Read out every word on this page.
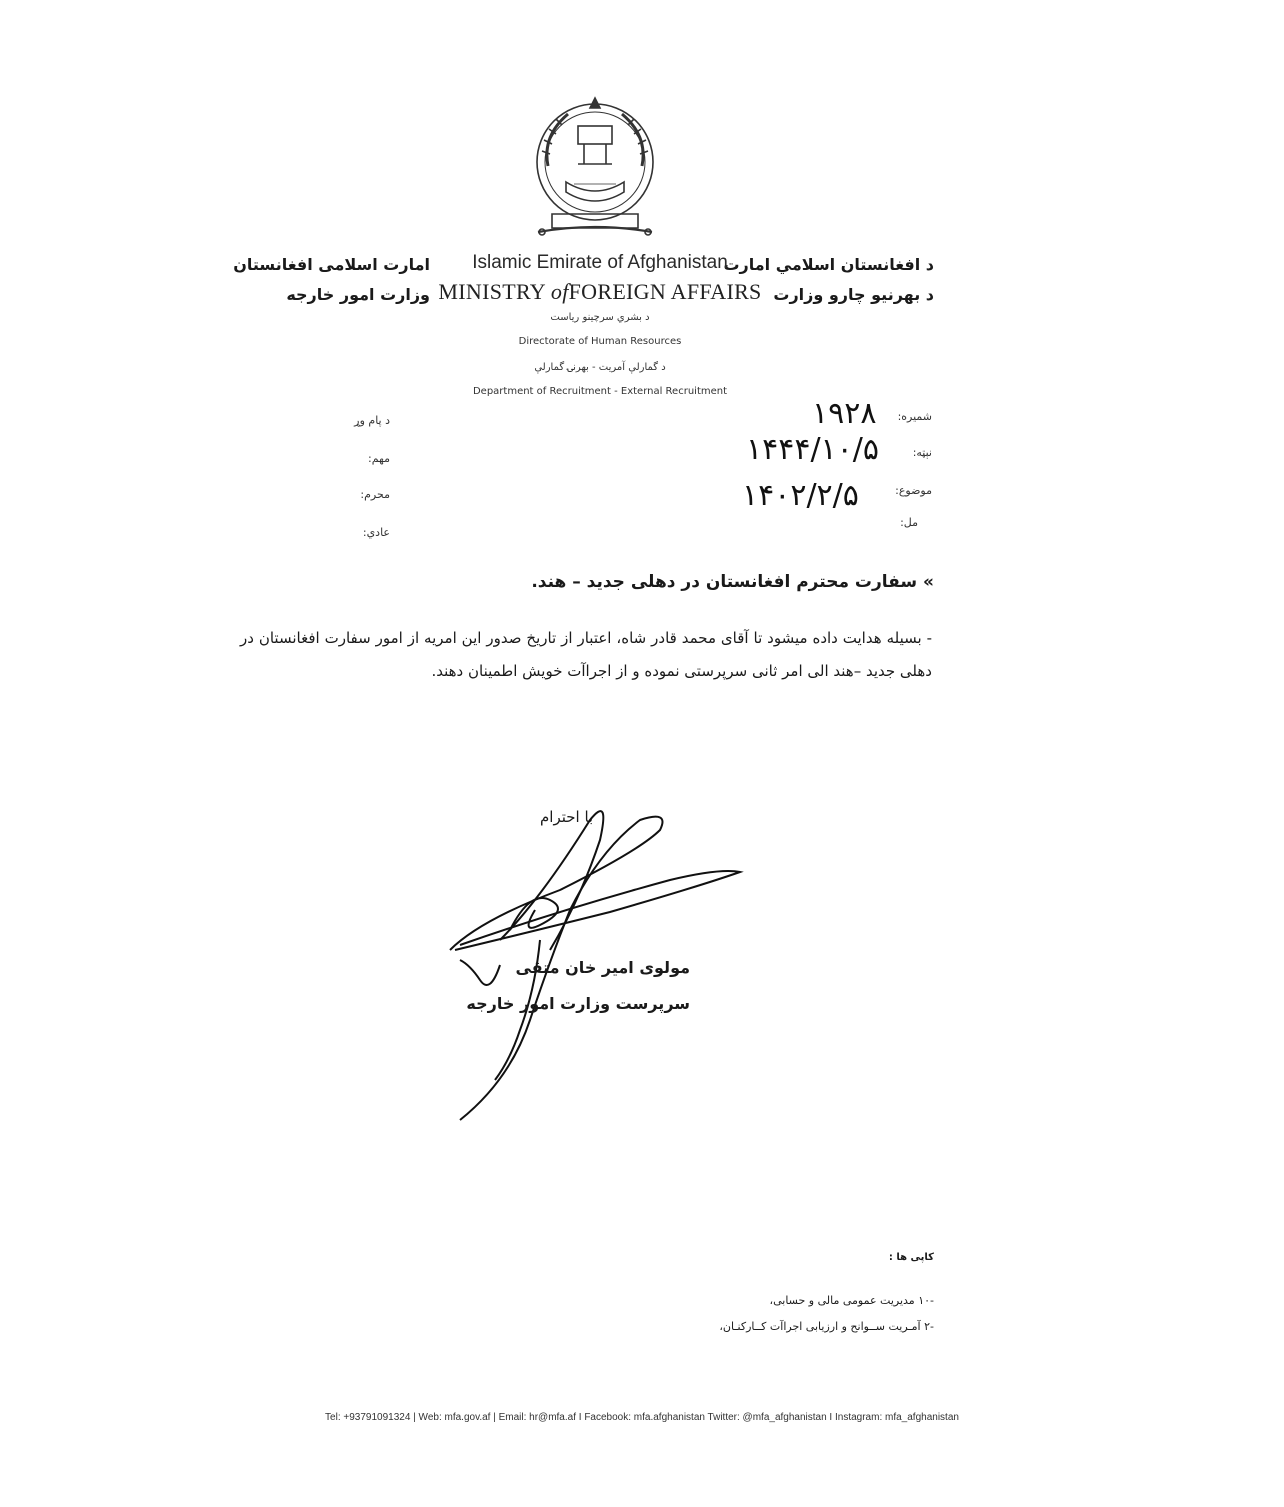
د افغانستان اسلامي امارت
د بهرنیو چارو وزارت
امارت اسلامی افغانستان
وزارت امور خارجه
Islamic Emirate of Afghanistan
MINISTRY ofFOREIGN AFFAIRS
د بشري سرچینو ریاست
Directorate of Human Resources
د گمارلې آمریت - بهرنۍ گمارلې
Department of Recruitment - External Recruitment
شمیره:
۱۹۲۸
نېټه:
۱۴۴۴/۱۰/۵
موضوع:
۱۴۰۲/۲/۵
مل:
د پام وړ
مهم:
محرم:
عادي:
» سفارت محترم افغانستان در دهلی جدید – هند.
- بسیله هدایت داده میشود تا آقای محمد قادر شاه، اعتبار از تاریخ صدور این امریه از امور سفارت افغانستان در دهلی جدید –هند الی امر ثانی سرپرستی نموده و از اجراآت خویش اطمینان دهند.
با احترام
مولوی امیر خان متقی
سرپرست وزارت امور خارجه
کاپی ها :
-۱۰ مدیریت عمومی مالی و حسابی،
-۲ آمـریت ســوانح و ارزیابی اجراآت کــارکنـان،
Tel: +93791091324 | Web: mfa.gov.af | Email: hr@mfa.af I Facebook: mfa.afghanistan Twitter: @mfa_afghanistan I Instagram: mfa_afghanistan
